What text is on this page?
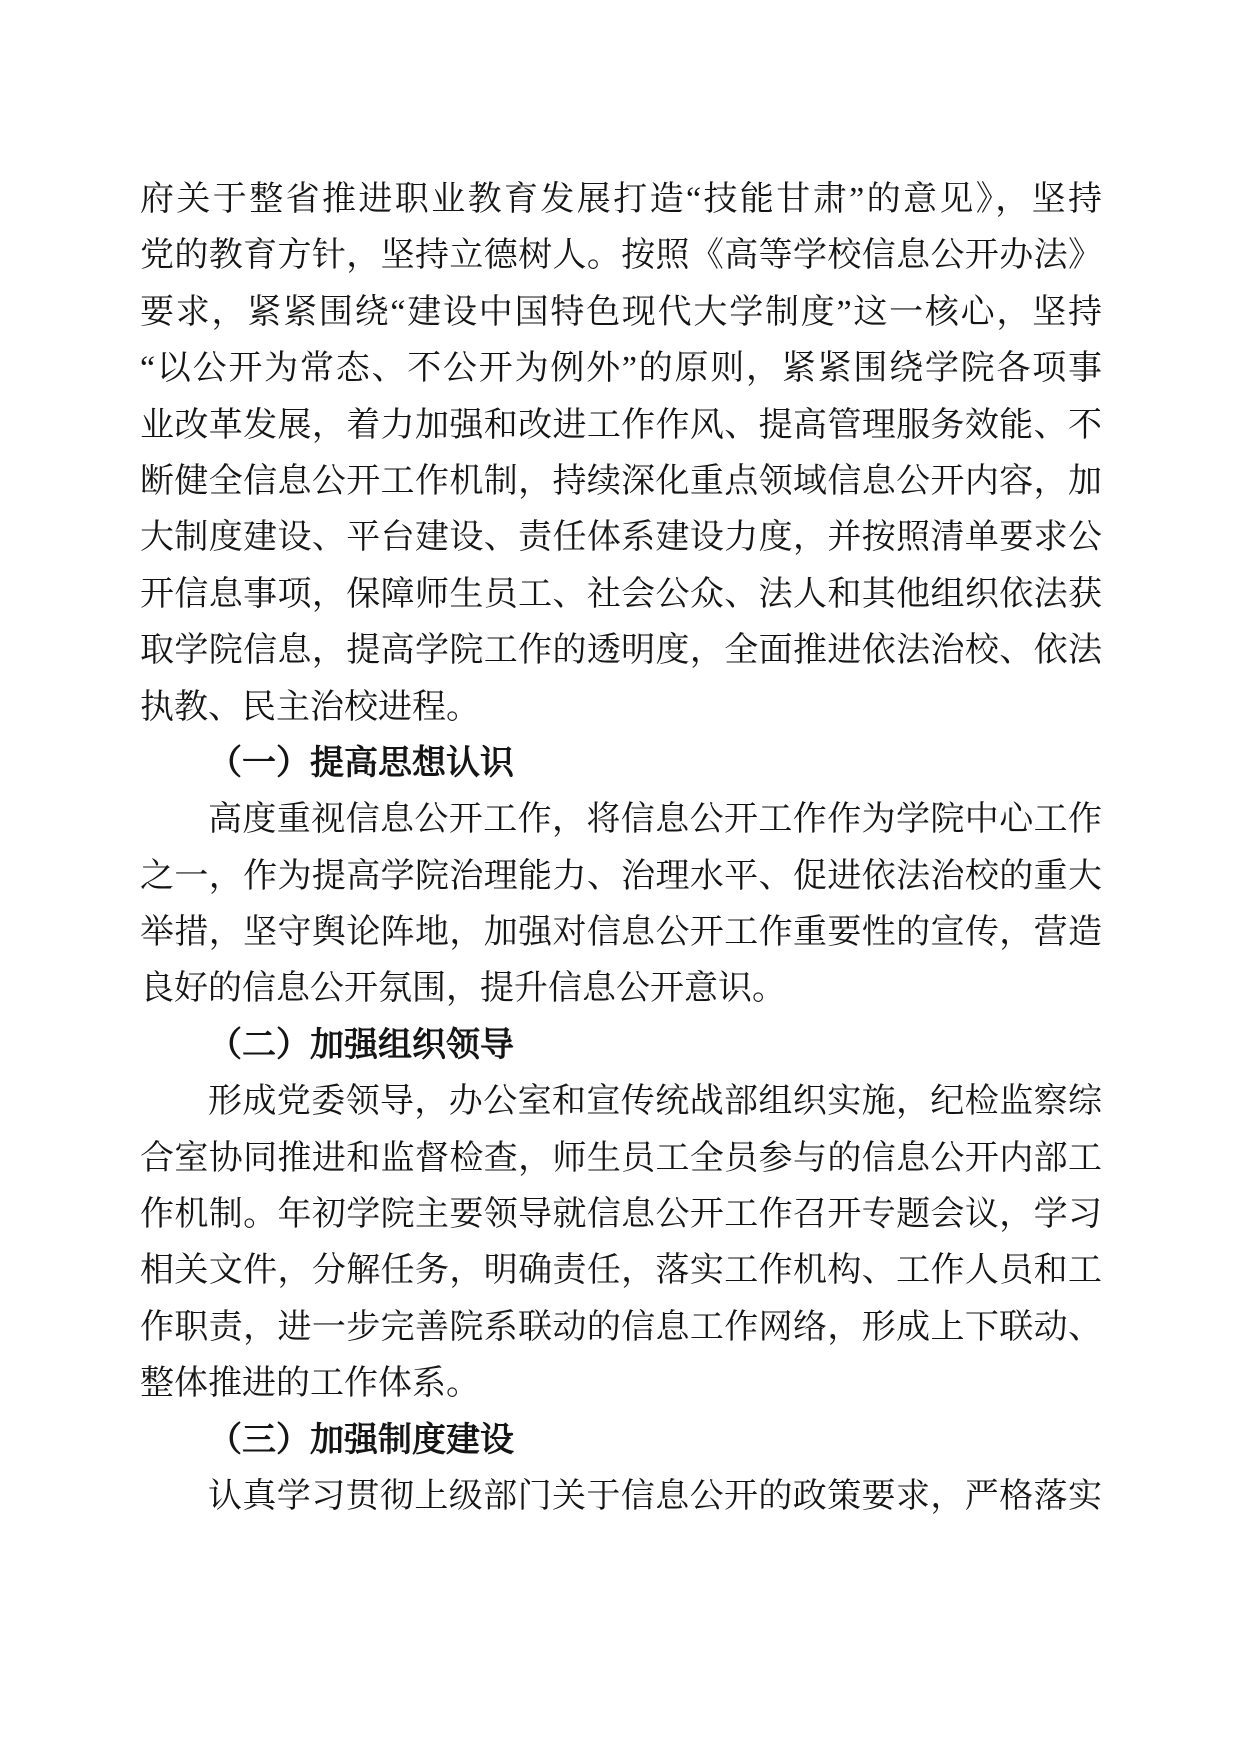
府关于整省推进职业教育发展打造“技能甘肃”的意见》，坚持
党的教育方针，坚持立德树人。按照《高等学校信息公开办法》
要求，紧紧围绕“建设中国特色现代大学制度”这一核心，坚持
“以公开为常态、不公开为例外”的原则，紧紧围绕学院各项事
业改革发展，着力加强和改进工作作风、提高管理服务效能、不
断健全信息公开工作机制，持续深化重点领域信息公开内容，加
大制度建设、平台建设、责任体系建设力度，并按照清单要求公
开信息事项，保障师生员工、社会公众、法人和其他组织依法获
取学院信息，提高学院工作的透明度，全面推进依法治校、依法
执教、民主治校进程。
（一）提高思想认识
高度重视信息公开工作，将信息公开工作作为学院中心工作
之一，作为提高学院治理能力、治理水平、促进依法治校的重大
举措，坚守舆论阵地，加强对信息公开工作重要性的宣传，营造
良好的信息公开氛围，提升信息公开意识。
（二）加强组织领导
形成党委领导，办公室和宣传统战部组织实施，纪检监察综
合室协同推进和监督检查，师生员工全员参与的信息公开内部工
作机制。年初学院主要领导就信息公开工作召开专题会议，学习
相关文件，分解任务，明确责任，落实工作机构、工作人员和工
作职责，进一步完善院系联动的信息工作网络，形成上下联动、
整体推进的工作体系。
（三）加强制度建设
认真学习贯彻上级部门关于信息公开的政策要求，严格落实
